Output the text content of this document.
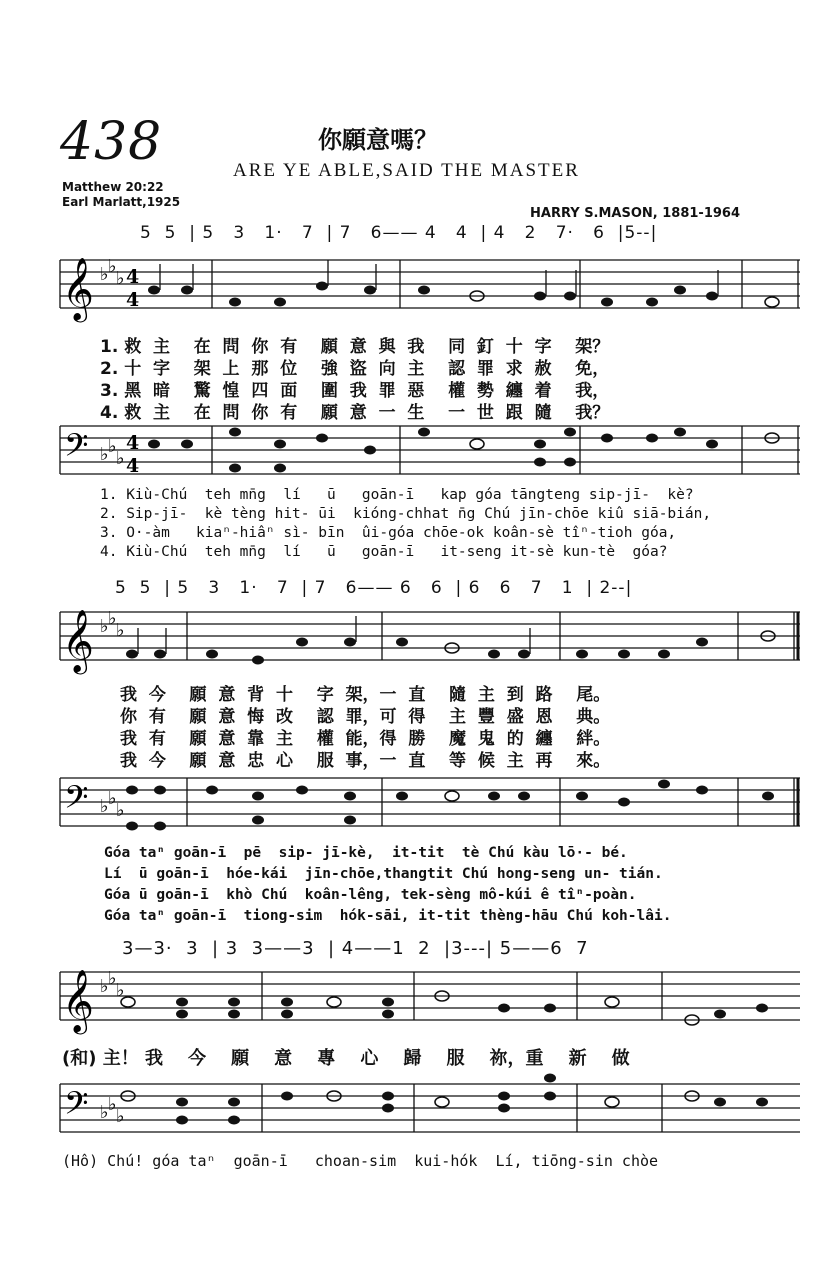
438	你願意嗎？
ARE YE ABLE,SAID THE MASTER
Matthew 20:22
Earl Marlatt,1925
HARRY S.MASON, 1881-1964
5  5  | 5   3   1·   7  | 7   6—— 4   4  | 4   2   7·   6  |5--|
𝄞 ♭ ♭
♭ 4
4
1. 救  主    在  問  你  有    願  意  與  我    同  釘  十  字    架？
2. 十  字    架  上  那  位    強  盜  向  主    認  罪  求  赦    免，
3. 黑  暗    驚  惶  四  面    圍  我  罪  惡    權  勢  纏  着    我，
4. 救  主    在  問  你  有    願  意  一  生    一  世  跟  隨    我？
𝄢 ♭ ♭
♭
4
4
1. Kiù-Chú  teh mn̄g  lí   ū   goān-ī   kap góa tāngteng sip-jī-  kè?
2. Sip-jī-  kè tèng hit- ūi  kióng-chhat n̄g Chú jīn-chōe kiû siā-bián,
3. O·-àm   kiaⁿ-hiâⁿ sì- bīn  ûi-góa chōe-ok koân-sè tîⁿ-tioh góa,
4. Kiù-Chú  teh mn̄g  lí   ū   goān-ī   it-seng it-sè kun-tè  góa?
5  5  | 5   3   1·   7  | 7   6—— 6   6  | 6   6   7   1  | 2--|
𝄞 ♭ ♭
♭
我  今    願  意  背  十    字  架，一  直    隨  主  到  路    尾。
你  有    願  意  悔  改    認  罪，可  得    主  豐  盛  恩    典。
我  有    願  意  靠  主    權  能，得  勝    魔  鬼  的  纏    絆。
我  今    願  意  忠  心    服  事，一  直    等  候  主  再    來。
𝄢 ♭ ♭
♭
Góa taⁿ goān-ī  pē  sip- jī-kè,  it-tit  tè Chú kàu lō·- bé.
Lí  ū goān-ī  hóe-kái  jīn-chōe,thangtit Chú hong-seng un- tián.
Góa ū goān-ī  khò Chú  koân-lêng, tek-sèng mô-kúi ê tîⁿ-poàn.
Góa taⁿ goān-ī  tiong-sim  hók-sāi, it-tit thèng-hāu Chú koh-lâi.
3—3·  3  | 3  3——3  | 4——1  2  |3---| 5——6  7
𝄞 ♭ ♭
♭
(和) 主！ 我    今    願    意    專    心    歸    服    祢，重    新    做
𝄢 ♭ ♭
♭
(Hô) Chú! góa taⁿ  goān-ī   choan-sim  kui-hók  Lí, tiōng-sin chòe
